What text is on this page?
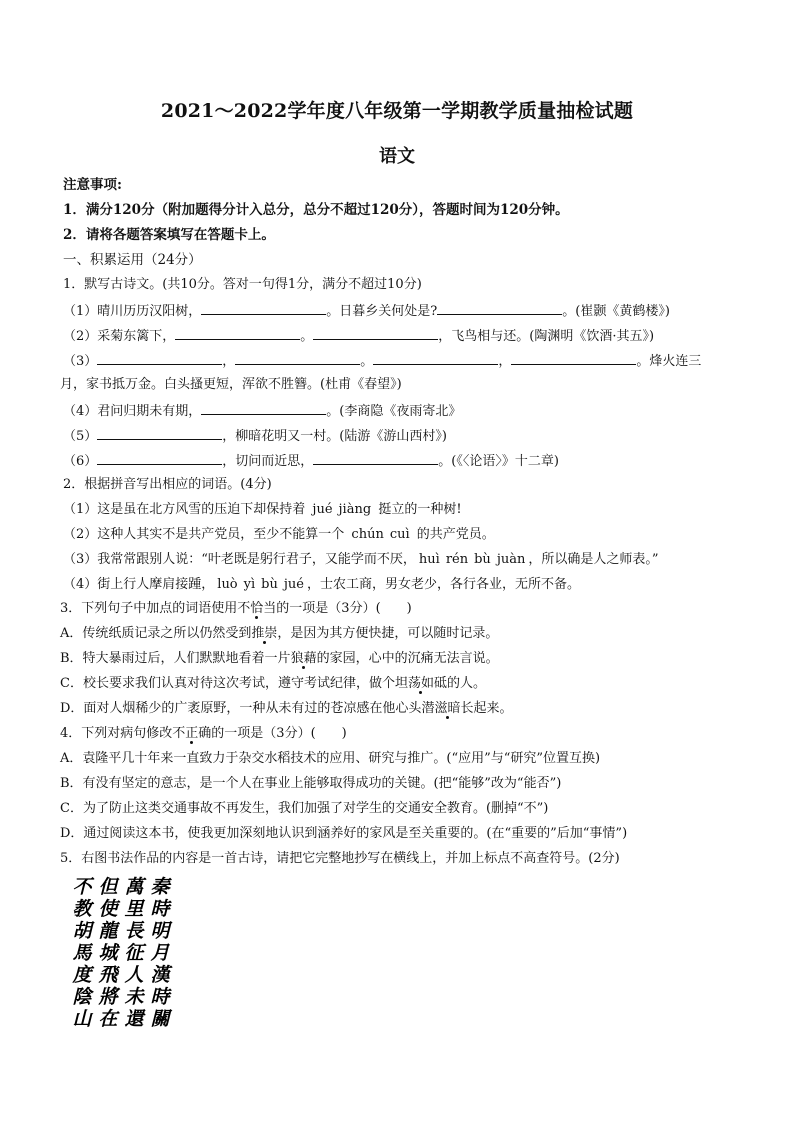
2021～2022学年度八年级第一学期教学质量抽检试题
语文
注意事项:
1．满分120分（附加题得分计入总分，总分不超过120分），答题时间为120分钟。
2．请将各题答案填写在答题卡上。
一、积累运用（24分）
1．默写古诗文。(共10分。答对一句得1分，满分不超过10分)
（1）晴川历历汉阳树，	。日暮乡关何处是?	。(崔颢《黄鹤楼》)
（2）采菊东篱下，	。	，飞鸟相与还。(陶渊明《饮酒·其五》)
（3）	，	。	，	。烽火连三
月，家书抵万金。白头搔更短，浑欲不胜簪。(杜甫《春望》)
（4）君问归期未有期，	。(李商隐《夜雨寄北》
（5）	，柳暗花明又一村。(陆游《游山西村》)
（6）	，切问而近思，	。(《〈论语〉》十二章)
2．根据拼音写出相应的词语。(4分)
（1）这是虽在北方风雪的压迫下却保持着 jué jiàng 挺立的一种树!
（2）这种人其实不是共产党员，至少不能算一个 chún cuì 的共产党员。
（3）我常常跟别人说：“叶老既是躬行君子，又能学而不厌， huì rén bù juàn ，所以确是人之师表。”
（4）街上行人摩肩接踵， luò yì bù jué ，士农工商，男女老少，各行各业，无所不备。
3．下列句子中加点的词语使用不恰当的一项是（3分）(　　)
A．传统纸质记录之所以仍然受到推崇，是因为其方便快捷，可以随时记录。
B．特大暴雨过后，人们默默地看着一片狼藉的家园，心中的沉痛无法言说。
C．校长要求我们认真对待这次考试，遵守考试纪律，做个坦荡如砥的人。
D．面对人烟稀少的广袤原野，一种从未有过的苍凉感在他心头潜滋暗长起来。
4．下列对病句修改不正确的一项是（3分）(　　)
A．袁隆平几十年来一直致力于杂交水稻技术的应用、研究与推广。(“应用”与“研究”位置互换)
B．有没有坚定的意志，是一个人在事业上能够取得成功的关键。(把“能够”改为“能否”)
C．为了防止这类交通事故不再发生，我们加强了对学生的交通安全教育。(删掉“不”)
D．通过阅读这本书，使我更加深刻地认识到涵养好的家风是至关重要的。(在“重要的”后加“事情”)
5．右图书法作品的内容是一首古诗，请把它完整地抄写在横线上，并加上标点不高查符号。(2分)
秦時明月漢時關
萬里長征人未還
但使龍城飛將在
不教胡馬度陰山
